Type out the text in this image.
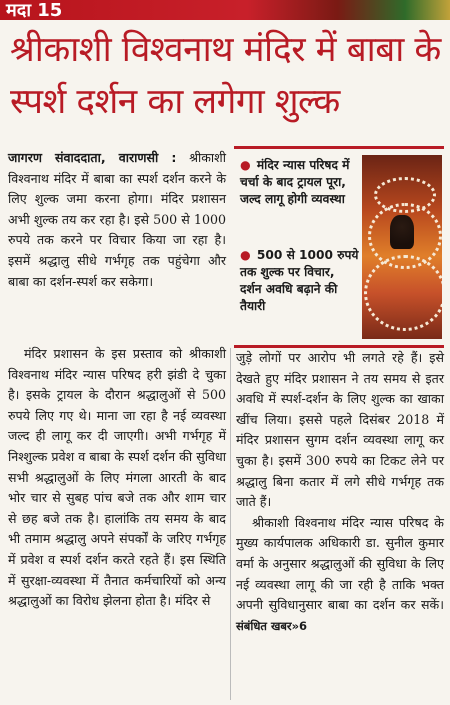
मदा 15
श्रीकाशी विश्वनाथ मंदिर में बाबा के स्पर्श दर्शन का लगेगा शुल्क

जागरण संवाददाता, वाराणसी : श्रीकाशी विश्वनाथ मंदिर में बाबा का स्पर्श दर्शन करने के लिए शुल्क जमा करना होगा। मंदिर प्रशासन अभी शुल्क तय कर रहा है। इसे 500 से 1000 रुपये तक करने पर विचार किया जा रहा है। इसमें श्रद्धालु सीधे गर्भगृह तक पहुंचेगा और बाबा का दर्शन-स्पर्श कर सकेगा।

● मंदिर न्यास परिषद में चर्चा के बाद ट्रायल पूरा, जल्द लागू होगी व्यवस्था
● 500 से 1000 रुपये तक शुल्क पर विचार, दर्शन अवधि बढ़ाने की तैयारी

मंदिर प्रशासन के इस प्रस्ताव को श्रीकाशी विश्वनाथ मंदिर न्यास परिषद हरी झंडी दे चुका है। इसके ट्रायल के दौरान श्रद्धालुओं से 500 रुपये लिए गए थे। माना जा रहा है नई व्यवस्था जल्द ही लागू कर दी जाएगी। अभी गर्भगृह में निश्शुल्क प्रवेश व बाबा के स्पर्श दर्शन की सुविधा सभी श्रद्धालुओं के लिए मंगला आरती के बाद भोर चार से सुबह पांच बजे तक और शाम चार से छह बजे तक है। हालांकि तय समय के बाद भी तमाम श्रद्धालु अपने संपर्कों के जरिए गर्भगृह में प्रवेश व स्पर्श दर्शन करते रहते हैं। इस स्थिति में सुरक्षा-व्यवस्था में तैनात कर्मचारियों को अन्य श्रद्धालुओं का विरोध झेलना होता है। मंदिर से

जुड़े लोगों पर आरोप भी लगते रहे हैं। इसे देखते हुए मंदिर प्रशासन ने तय समय से इतर अवधि में स्पर्श-दर्शन के लिए शुल्क का खाका खींच लिया। इससे पहले दिसंबर 2018 में मंदिर प्रशासन सुगम दर्शन व्यवस्था लागू कर चुका है। इसमें 300 रुपये का टिकट लेने पर श्रद्धालु बिना कतार में लगे सीधे गर्भगृह तक जाते हैं।

श्रीकाशी विश्वनाथ मंदिर न्यास परिषद के मुख्य कार्यपालक अधिकारी डा. सुनील कुमार वर्मा के अनुसार श्रद्धालुओं की सुविधा के लिए नई व्यवस्था लागू की जा रही है ताकि भक्त अपनी सुविधानुसार बाबा का दर्शन कर सकें। संबंधित खबर»6
